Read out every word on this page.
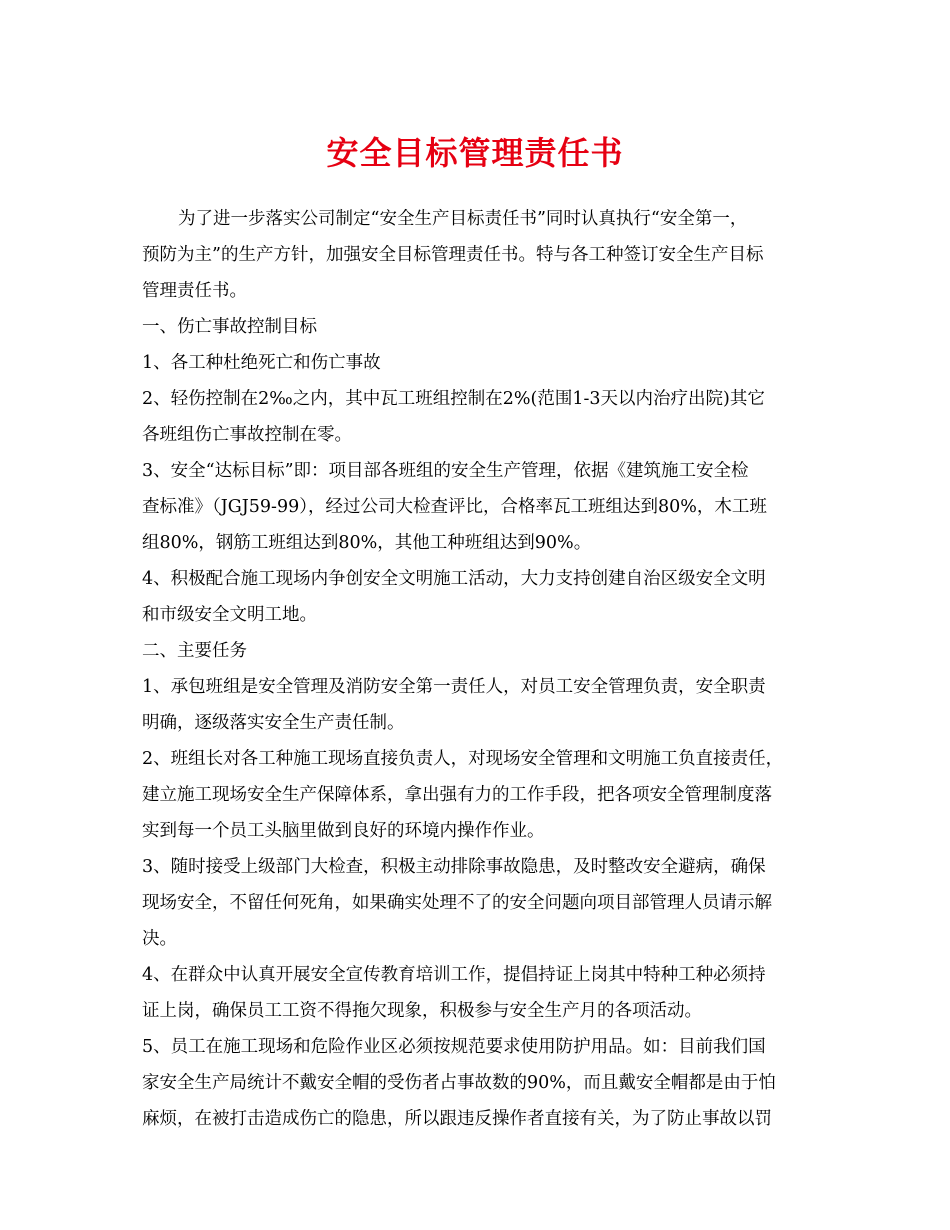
安全目标管理责任书
为了进一步落实公司制定“安全生产目标责任书”同时认真执行“安全第一，
预防为主”的生产方针，加强安全目标管理责任书。特与各工种签订安全生产目标
管理责任书。
一、伤亡事故控制目标
1、各工种杜绝死亡和伤亡事故
2、轻伤控制在2‰之内，其中瓦工班组控制在2%(范围1-3天以内治疗出院)其它
各班组伤亡事故控制在零。
3、安全“达标目标”即：项目部各班组的安全生产管理，依据《建筑施工安全检
查标准》（JGJ59-99），经过公司大检查评比，合格率瓦工班组达到80%，木工班
组80%，钢筋工班组达到80%，其他工种班组达到90%。
4、积极配合施工现场内争创安全文明施工活动，大力支持创建自治区级安全文明
和市级安全文明工地。
二、主要任务
1、承包班组是安全管理及消防安全第一责任人，对员工安全管理负责，安全职责
明确，逐级落实安全生产责任制。
2、班组长对各工种施工现场直接负责人，对现场安全管理和文明施工负直接责任，
建立施工现场安全生产保障体系，拿出强有力的工作手段，把各项安全管理制度落
实到每一个员工头脑里做到良好的环境内操作作业。
3、随时接受上级部门大检查，积极主动排除事故隐患，及时整改安全避病，确保
现场安全，不留任何死角，如果确实处理不了的安全问题向项目部管理人员请示解
决。
4、在群众中认真开展安全宣传教育培训工作，提倡持证上岗其中特种工种必须持
证上岗，确保员工工资不得拖欠现象，积极参与安全生产月的各项活动。
5、员工在施工现场和危险作业区必须按规范要求使用防护用品。如：目前我们国
家安全生产局统计不戴安全帽的受伤者占事故数的90%，而且戴安全帽都是由于怕
麻烦，在被打击造成伤亡的隐患，所以跟违反操作者直接有关，为了防止事故以罚
